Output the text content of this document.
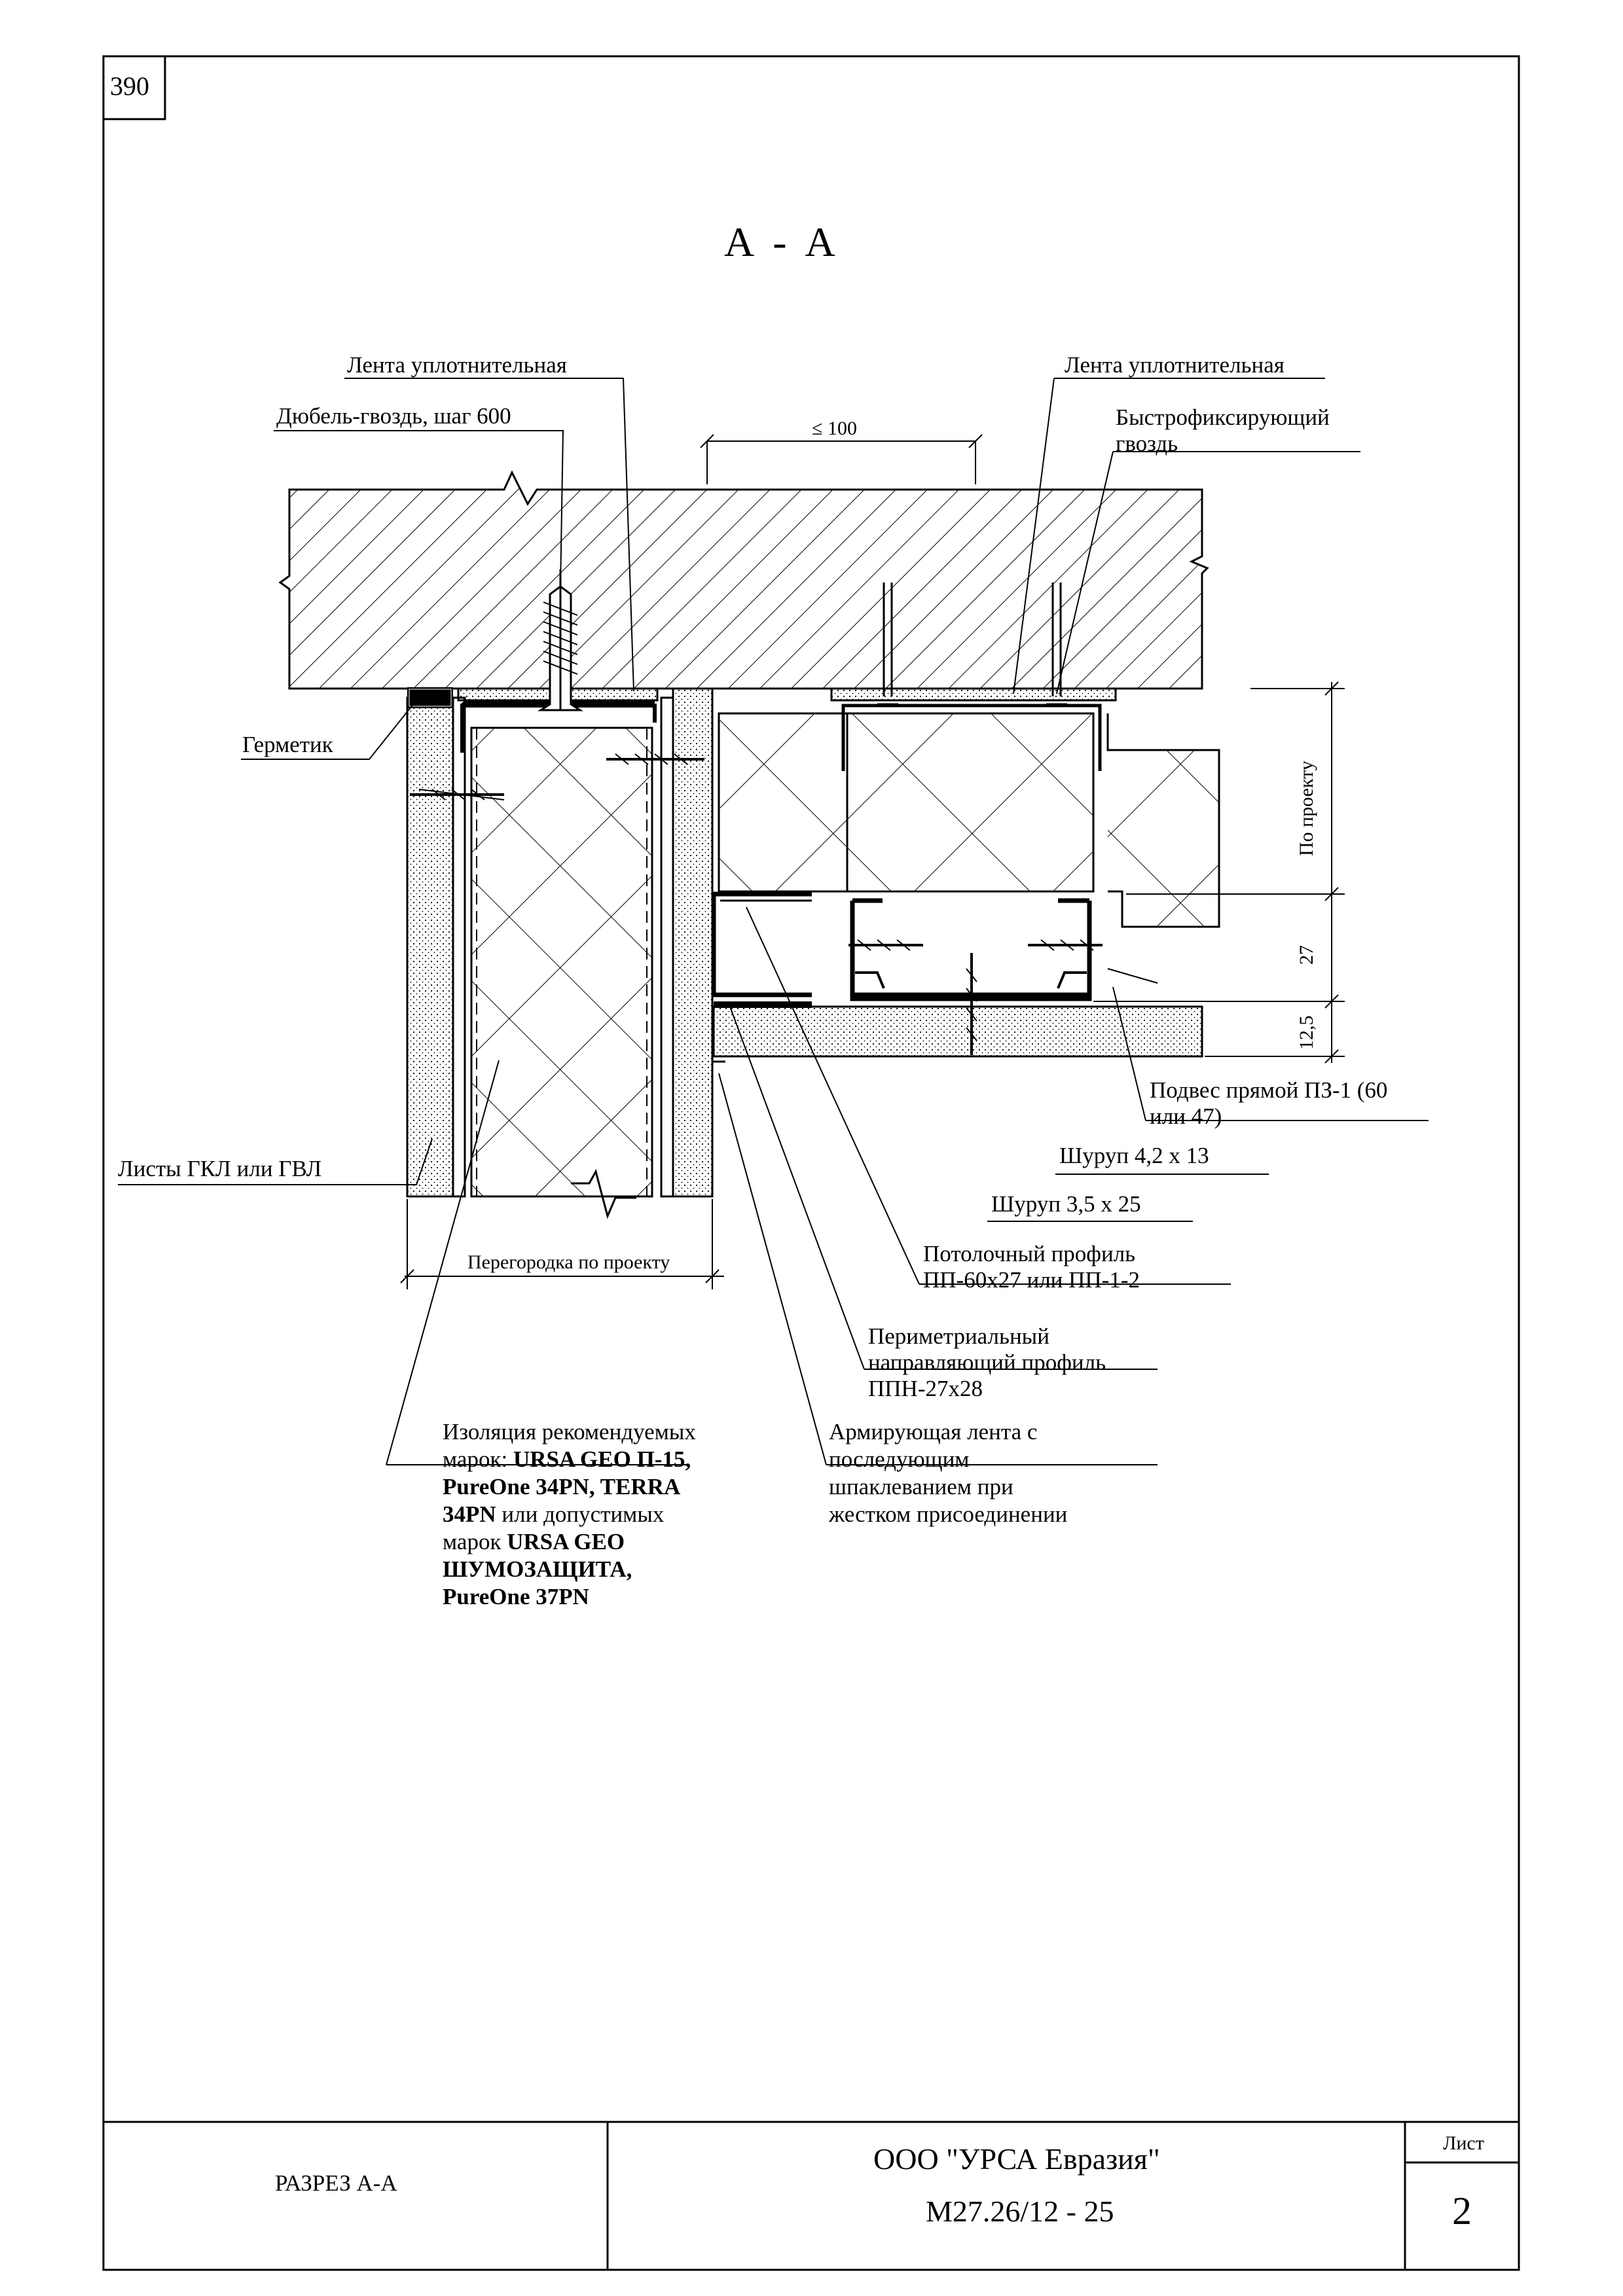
390
А - А
Лента уплотнительная
Дюбель-гвоздь, шаг 600	≤ 100
Лента уплотнительная
Быстрофиксирующий
гвоздь
Герметик
По проекту
27
12,5
Подвес прямой ПЗ-1 (60
или 47)
Шуруп 4,2 х 13
Шуруп 3,5 х 25
Потолочный профиль
ПП-60х27 или ПП-1-2
Листы ГКЛ или ГВЛ
Перегородка по проекту
Периметриальный
направляющий профиль
ППН-27х28
Армирующая лента с
последующим
шпаклеванием при
жестком присоединении
Изоляция рекомендуемых
марок: URSA GEO П-15,
PureOne 34PN, TERRA
34PN или допустимых
марок URSA GEO
ШУМОЗАЩИТА,
PureOne 37PN
РАЗРЕЗ А-А
ООО "УРСА Евразия"
М27.26/12 - 25
Лист
2
